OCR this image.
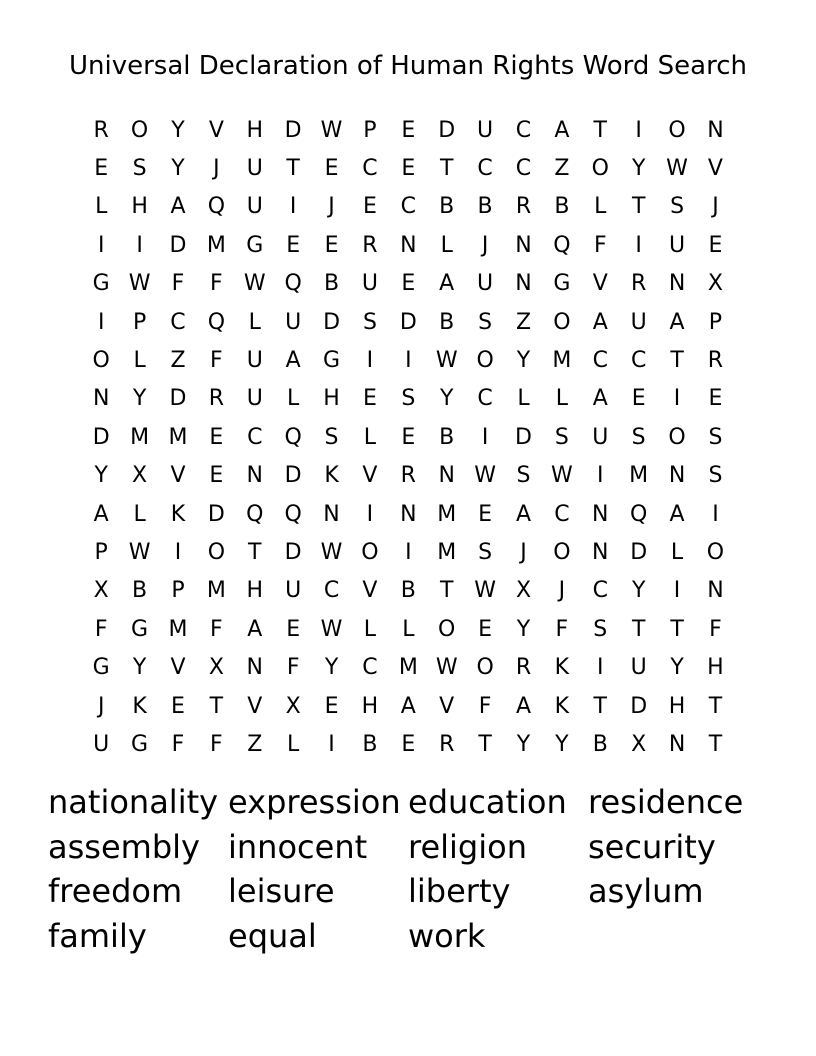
Universal Declaration of Human Rights Word Search
R	O	Y	V	H D W P	E	D U	C	A	T	I	O N
E	S	Y	J	U	T	E	C	E	T	C	C	Z	O	Y W V
L	H	A	Q U	I	J	E	C	B	B	R	B	L	T	S	J
I	I	D M G	E	E	R	N	L	J	N Q	F	I	U	E
G W F	F W Q	B	U	E	A	U	N G	V	R	N	X
I	P	C	Q	L	U D	S	D	B	S	Z	O	A	U	A	P
O	L	Z	F	U	A	G	I	I	W O	Y	M C	C	T	R
N	Y	D	R	U	L	H	E	S	Y	C	L	L	A	E	I	E
D M M E	C	Q	S	L	E	B	I	D	S	U	S	O	S
Y	X	V	E	N D	K	V	R	N W S W	I	M N	S
A	L	K	D Q Q N	I	N M E	A	C	N Q	A	I
P W	I	O	T	D W O	I	M S	J	O N D	L	O
X	B	P	M H	U	C	V	B	T W X	J	C	Y	I	N
F	G M	F	A	E W L	L	O	E	Y	F	S	T	T	F
G	Y	V	X	N	F	Y	C M W O	R	K	I	U	Y	H
J	K	E	T	V	X	E	H	A	V	F	A	K	T	D H	T
U G	F	F	Z	L	I	B	E	R	T	Y	Y	B	X	N	T
nationality expression education residence
assembly innocent	religion	security
freedom	leisure	liberty	asylum
family	equal	work
